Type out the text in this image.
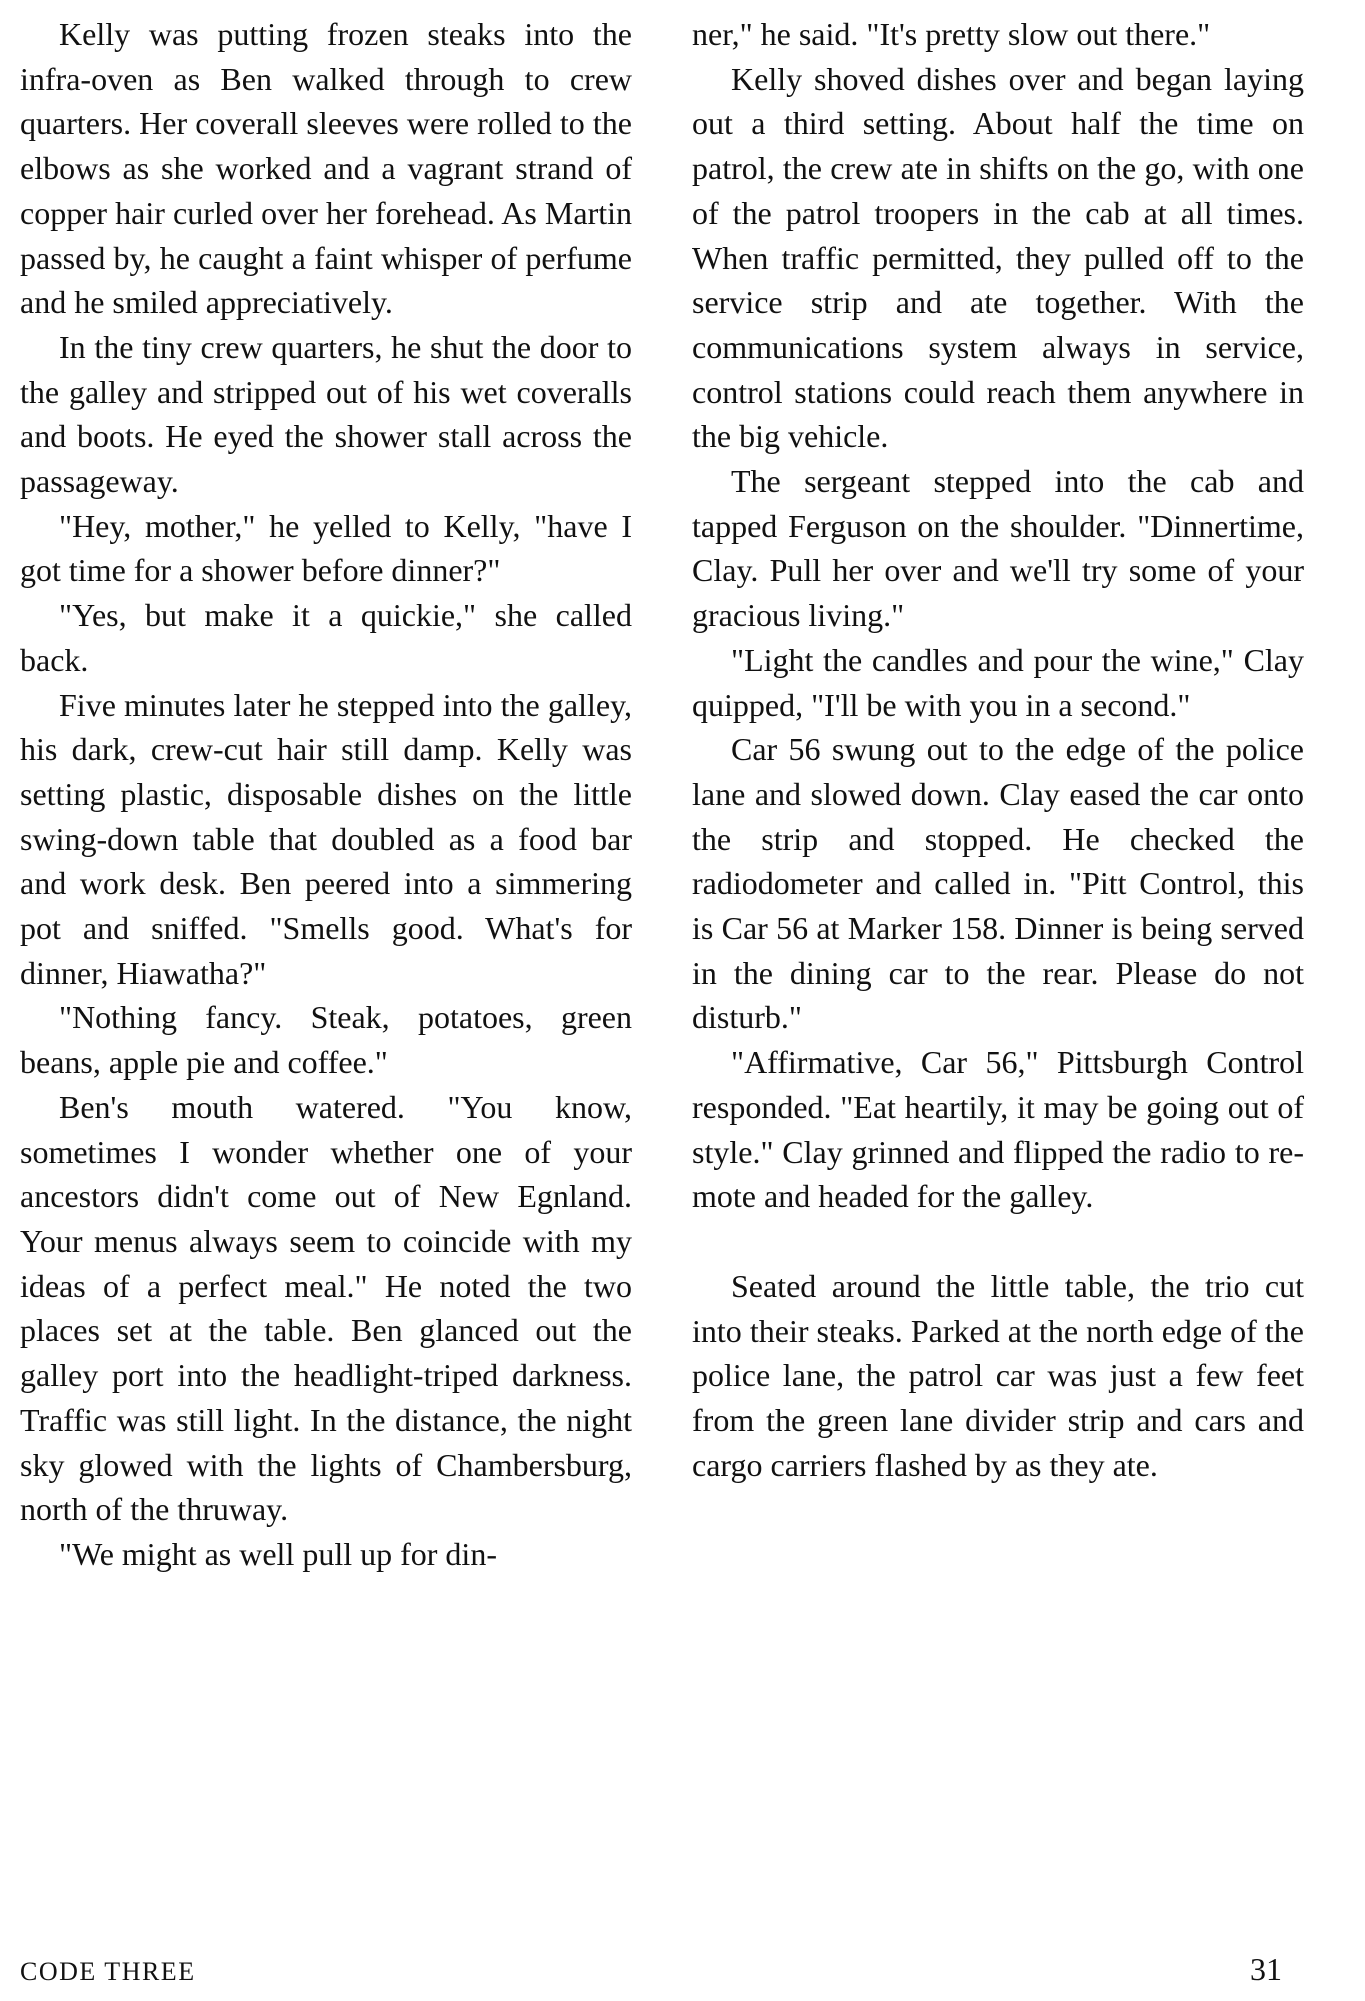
Kelly was putting frozen steaks into the infra-oven as Ben walked through to crew quarters. Her coverall sleeves were rolled to the elbows as she worked and a vagrant strand of copper hair curled over her forehead. As Martin passed by, he caught a faint whisper of perfume and he smiled appreciatively.

In the tiny crew quarters, he shut the door to the galley and stripped out of his wet coveralls and boots. He eyed the shower stall across the passageway.

"Hey, mother," he yelled to Kelly, "have I got time for a shower before dinner?"

"Yes, but make it a quickie," she called back.

Five minutes later he stepped into the galley, his dark, crew-cut hair still damp. Kelly was setting plastic, disposable dishes on the little swing-down table that doubled as a food bar and work desk. Ben peered into a simmering pot and sniffed. "Smells good. What's for dinner, Hiawatha?"

"Nothing fancy. Steak, potatoes, green beans, apple pie and coffee."

Ben's mouth watered. "You know, sometimes I wonder whether one of your ancestors didn't come out of New Egnland. Your menus always seem to coincide with my ideas of a perfect meal." He noted the two places set at the table. Ben glanced out the galley port into the headlight-triped darkness. Traffic was still light. In the distance, the night sky glowed with the lights of Chambersburg, north of the thruway.

"We might as well pull up for din-

ner," he said. "It's pretty slow out there."

Kelly shoved dishes over and began laying out a third setting. About half the time on patrol, the crew ate in shifts on the go, with one of the patrol troopers in the cab at all times. When traffic permitted, they pulled off to the service strip and ate together. With the communications system always in service, control stations could reach them anywhere in the big vehicle.

The sergeant stepped into the cab and tapped Ferguson on the shoulder. "Dinnertime, Clay. Pull her over and we'll try some of your gracious living."

"Light the candles and pour the wine," Clay quipped, "I'll be with you in a second."

Car 56 swung out to the edge of the police lane and slowed down. Clay eased the car onto the strip and stopped. He checked the radiodometer and called in. "Pitt Control, this is Car 56 at Marker 158. Dinner is being served in the dining car to the rear. Please do not disturb."

"Affirmative, Car 56," Pittsburgh Control responded. "Eat heartily, it may be going out of style." Clay grinned and flipped the radio to remote and headed for the galley.

Seated around the little table, the trio cut into their steaks. Parked at the north edge of the police lane, the patrol car was just a few feet from the green lane divider strip and cars and cargo carriers flashed by as they ate.

CODE THREE	31
